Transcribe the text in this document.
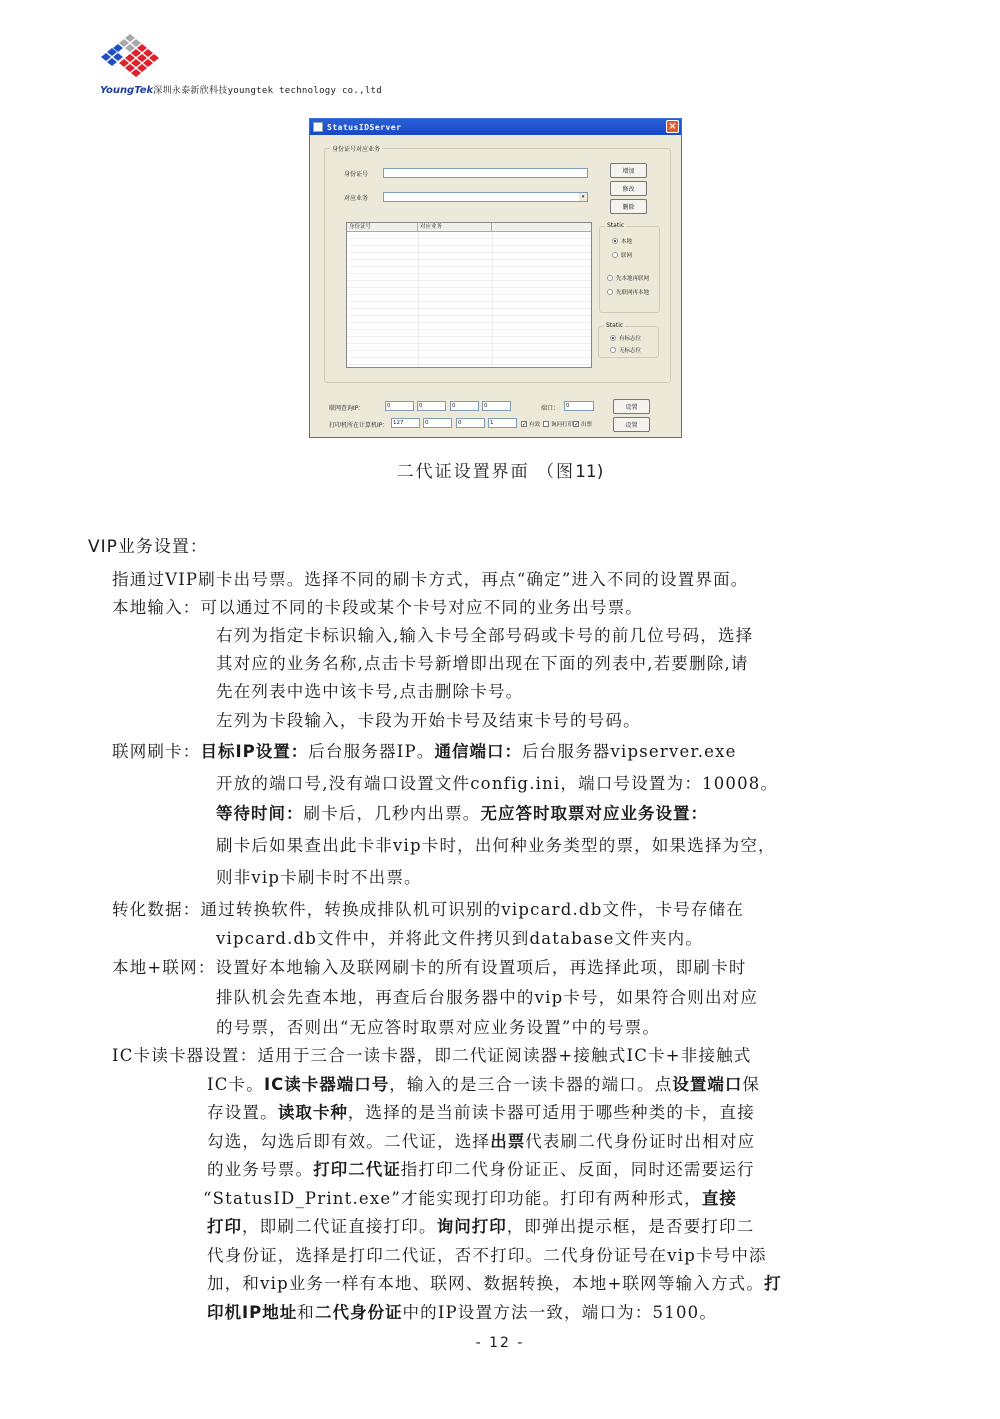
YoungTek深圳永泰新欣科技youngtek technology co.,ltd
StatusIDServer	×
身份证号对应业务
身份证号
对应业务	▾
增加
修改
删除
身份证号	对应业务	Static
本地
联网
先本地再联网
先联网再本地
Static
有标志位
无标志位
联网查询IP：	0	0	0	0	端口：	0	设置
打印机所在计算机IP： 127	0	0	1	✓ 有效 询问打印 ✓ 出票	设置
二代证设置界面 （图11)
VIP业务设置：
指通过VIP刷卡出号票。选择不同的刷卡方式，再点“确定”进入不同的设置界面。
本地输入：可以通过不同的卡段或某个卡号对应不同的业务出号票。
右列为指定卡标识输入,输入卡号全部号码或卡号的前几位号码，选择
其对应的业务名称,点击卡号新增即出现在下面的列表中,若要删除,请
先在列表中选中该卡号,点击删除卡号。
左列为卡段输入，卡段为开始卡号及结束卡号的号码。
联网刷卡：目标IP设置：后台服务器IP。通信端口：后台服务器vipserver.exe
开放的端口号,没有端口设置文件config.ini，端口号设置为：10008。
等待时间：刷卡后，几秒内出票。无应答时取票对应业务设置：
刷卡后如果查出此卡非vip卡时，出何种业务类型的票，如果选择为空，
则非vip卡刷卡时不出票。
转化数据：通过转换软件，转换成排队机可识别的vipcard.db文件，卡号存储在
vipcard.db文件中，并将此文件拷贝到database文件夹内。
本地+联网：设置好本地输入及联网刷卡的所有设置项后，再选择此项，即刷卡时
排队机会先查本地，再查后台服务器中的vip卡号，如果符合则出对应
的号票，否则出“无应答时取票对应业务设置”中的号票。
IC卡读卡器设置：适用于三合一读卡器，即二代证阅读器+接触式IC卡+非接触式
IC卡。IC读卡器端口号，输入的是三合一读卡器的端口。点设置端口保
存设置。读取卡种，选择的是当前读卡器可适用于哪些种类的卡，直接
勾选，勾选后即有效。二代证，选择出票代表刷二代身份证时出相对应
的业务号票。打印二代证指打印二代身份证正、反面，同时还需要运行
“StatusID_Print.exe”才能实现打印功能。打印有两种形式，直接
打印，即刷二代证直接打印。询问打印，即弹出提示框，是否要打印二
代身份证，选择是打印二代证，否不打印。二代身份证号在vip卡号中添
加，和vip业务一样有本地、联网、数据转换，本地+联网等输入方式。打
印机IP地址和二代身份证中的IP设置方法一致，端口为：5100。
- 12 -
